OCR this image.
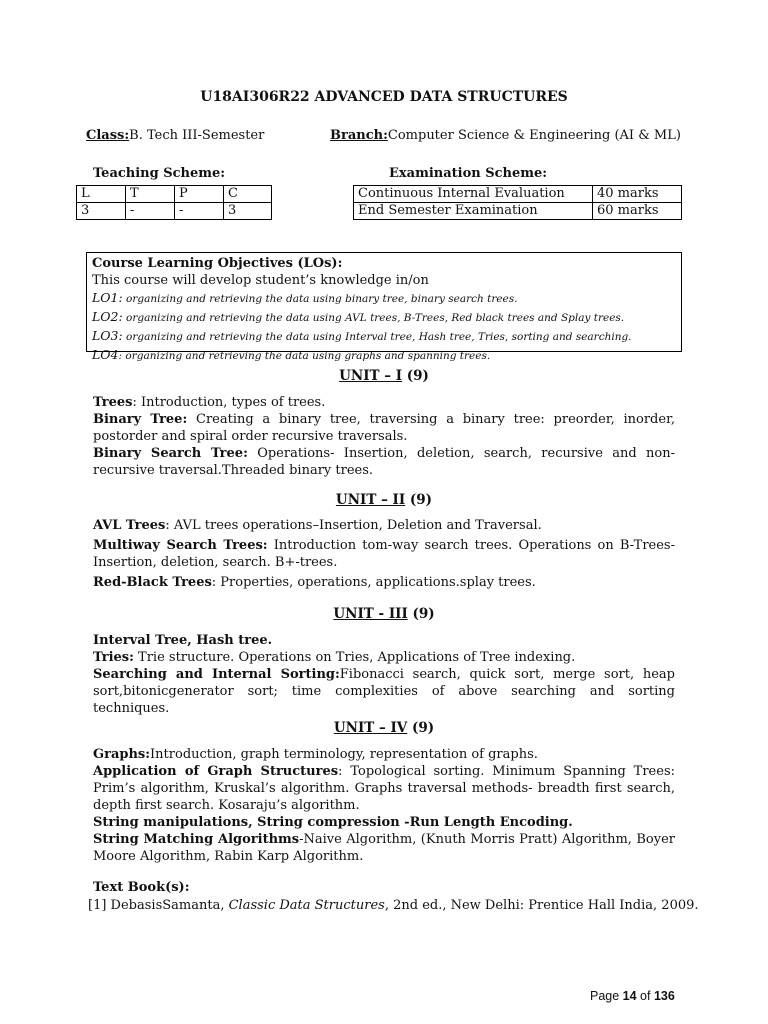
U18AI306R22 ADVANCED DATA STRUCTURES
Class:B. Tech III-Semester	Branch:Computer Science & Engineering (AI & ML)
Teaching Scheme:	Examination Scheme:
L	T	P	C
3	-	-	3
Continuous Internal Evaluation	40 marks
End Semester Examination	60 marks
Course Learning Objectives (LOs):
This course will develop student’s knowledge in/on
LO1: organizing and retrieving the data using binary tree, binary search trees.
LO2: organizing and retrieving the data using AVL trees, B-Trees, Red black trees and Splay trees.
LO3: organizing and retrieving the data using Interval tree, Hash tree, Tries, sorting and searching.
LO4: organizing and retrieving the data using graphs and spanning trees.
UNIT – I (9)

Trees: Introduction, types of trees.

Binary Tree: Creating a binary tree, traversing a binary tree: preorder, inorder, postorder and spiral order recursive traversals.

Binary Search Tree: Operations- Insertion, deletion, search, recursive and non-recursive traversal.Threaded binary trees.

UNIT – II (9)

AVL Trees: AVL trees operations–Insertion, Deletion and Traversal.

Multiway Search Trees: Introduction tom-way search trees. Operations on B-Trees- Insertion, deletion, search. B+-trees.

Red-Black Trees: Properties, operations, applications.splay trees.

UNIT - III (9)

Interval Tree, Hash tree.

Tries: Trie structure. Operations on Tries, Applications of Tree indexing.

Searching and Internal Sorting:Fibonacci search, quick sort, merge sort, heap sort,bitonicgenerator sort; time complexities of above searching and sorting techniques.

UNIT – IV (9)

Graphs:Introduction, graph terminology, representation of graphs.

Application of Graph Structures: Topological sorting. Minimum Spanning Trees: Prim’s algorithm, Kruskal’s algorithm. Graphs traversal methods- breadth first search, depth first search. Kosaraju’s algorithm.

String manipulations, String compression -Run Length Encoding.

String Matching Algorithms-Naive Algorithm, (Knuth Morris Pratt) Algorithm, Boyer Moore Algorithm, Rabin Karp Algorithm.

Text Book(s):
[1] DebasisSamanta, Classic Data Structures, 2nd ed., New Delhi: Prentice Hall India, 2009.
Page 14 of 136
